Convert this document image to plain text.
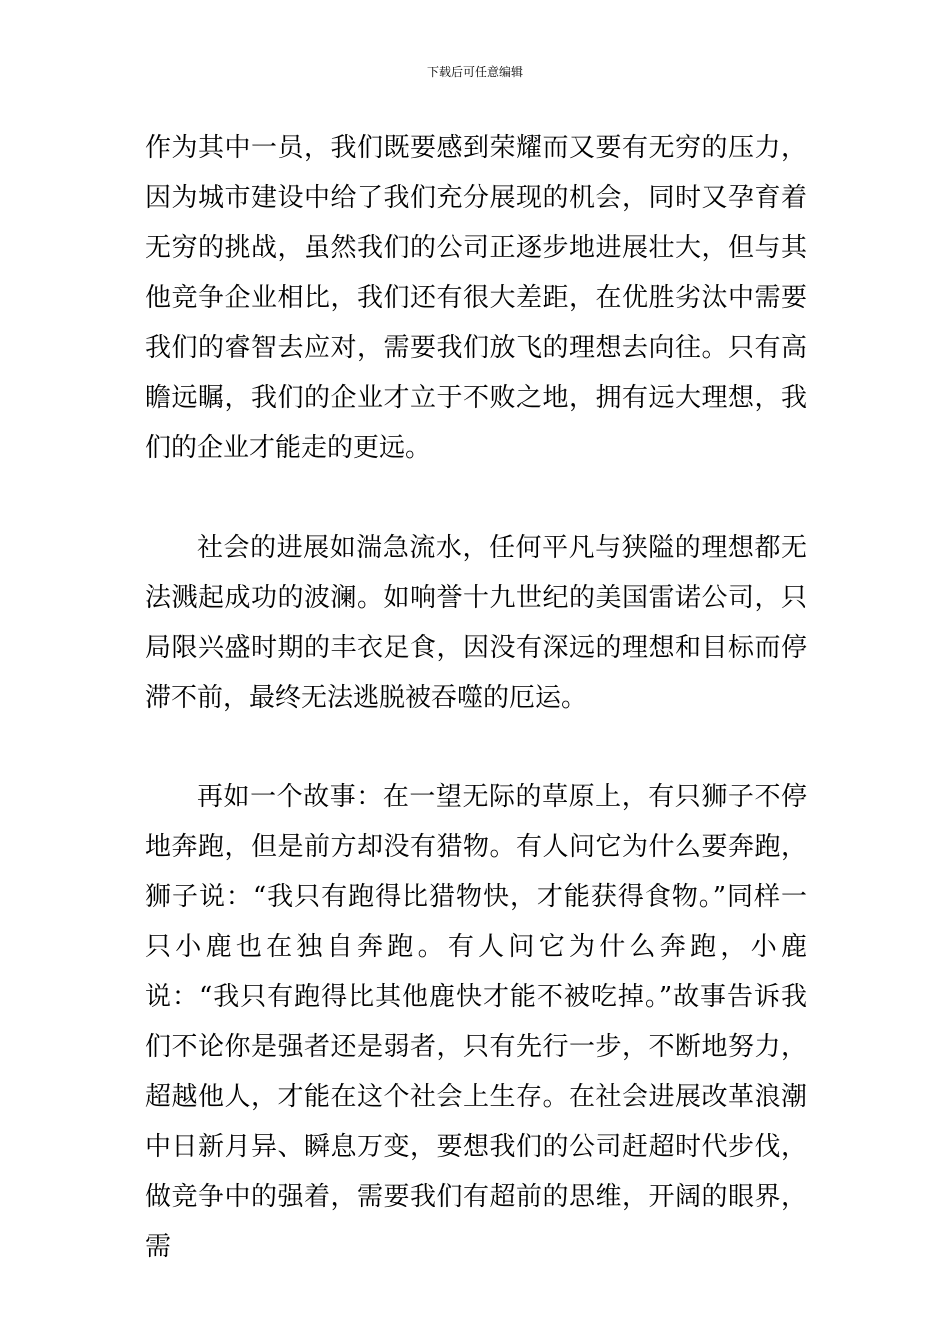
下载后可任意编辑

作为其中一员，我们既要感到荣耀而又要有无穷的压力，因为城市建设中给了我们充分展现的机会，同时又孕育着无穷的挑战，虽然我们的公司正逐步地进展壮大，但与其他竞争企业相比，我们还有很大差距，在优胜劣汰中需要我们的睿智去应对，需要我们放飞的理想去向往。只有高瞻远瞩，我们的企业才立于不败之地，拥有远大理想，我们的企业才能走的更远。

社会的进展如湍急流水，任何平凡与狭隘的理想都无法溅起成功的波澜。如响誉十九世纪的美国雷诺公司，只局限兴盛时期的丰衣足食，因没有深远的理想和目标而停滞不前，最终无法逃脱被吞噬的厄运。

再如一个故事：在一望无际的草原上，有只狮子不停地奔跑，但是前方却没有猎物。有人问它为什么要奔跑，狮子说：“我只有跑得比猎物快，才能获得食物。”同样一只小鹿也在独自奔跑。有人问它为什么奔跑，小鹿说：“我只有跑得比其他鹿快才能不被吃掉。”故事告诉我们不论你是强者还是弱者，只有先行一步，不断地努力，超越他人，才能在这个社会上生存。在社会进展改革浪潮中日新月异、瞬息万变，要想我们的公司赶超时代步伐，做竞争中的强着，需要我们有超前的思维，开阔的眼界，需
